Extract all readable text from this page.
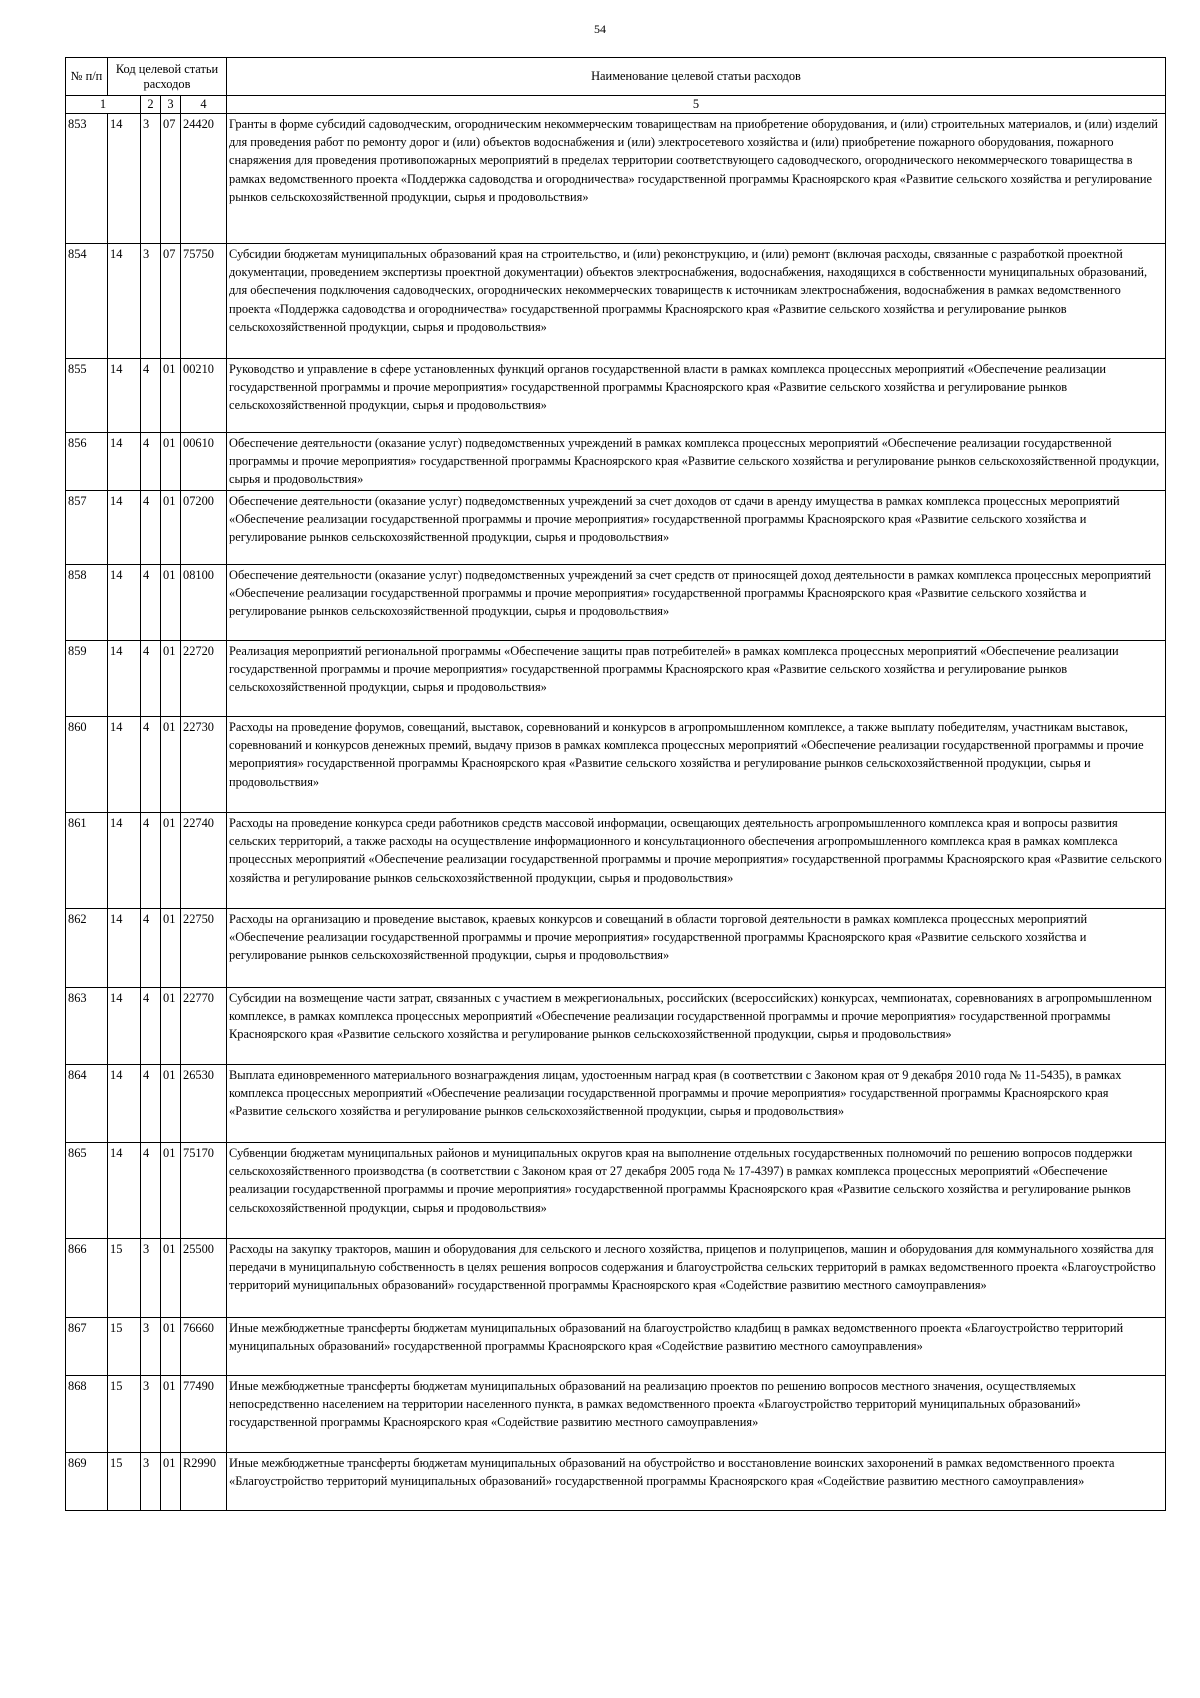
54
№ п/п	Код целевой статьи расходов				Наименование целевой статьи расходов

1		2	3	4	5
853	14	3	07	24420	Гранты в форме субсидий садоводческим, огородническим некоммерческим товариществам на приобретение оборудования, и (или) строительных материалов, и (или) изделий для проведения работ по ремонту дорог и (или) объектов водоснабжения и (или) электросетевого хозяйства и (или) приобретение пожарного оборудования, пожарного снаряжения для проведения противопожарных мероприятий в пределах территории соответствующего садоводческого, огороднического некоммерческого товарищества в рамках ведомственного проекта «Поддержка садоводства и огородничества» государственной программы Красноярского края «Развитие сельского хозяйства и регулирование рынков сельскохозяйственной продукции, сырья и продовольствия»
854	14	3	07	75750	Субсидии бюджетам муниципальных образований края на строительство, и (или) реконструкцию, и (или) ремонт (включая расходы, связанные с разработкой проектной документации, проведением экспертизы проектной документации) объектов электроснабжения, водоснабжения, находящихся в собственности муниципальных образований, для обеспечения подключения садоводческих, огороднических некоммерческих товариществ к источникам электроснабжения, водоснабжения в рамках ведомственного проекта «Поддержка садоводства и огородничества» государственной программы Красноярского края «Развитие сельского хозяйства и регулирование рынков сельскохозяйственной продукции, сырья и продовольствия»
855	14	4	01	00210	Руководство и управление в сфере установленных функций органов государственной власти в рамках комплекса процессных мероприятий «Обеспечение реализации государственной программы и прочие мероприятия» государственной программы Красноярского края «Развитие сельского хозяйства и регулирование рынков сельскохозяйственной продукции, сырья и продовольствия»
856	14	4	01	00610	Обеспечение деятельности (оказание услуг) подведомственных учреждений в рамках комплекса процессных мероприятий «Обеспечение реализации государственной программы и прочие мероприятия» государственной программы Красноярского края «Развитие сельского хозяйства и регулирование рынков сельскохозяйственной продукции, сырья и продовольствия»
857	14	4	01	07200	Обеспечение деятельности (оказание услуг) подведомственных учреждений за счет доходов от сдачи в аренду имущества в рамках комплекса процессных мероприятий «Обеспечение реализации государственной программы и прочие мероприятия» государственной программы Красноярского края «Развитие сельского хозяйства и регулирование рынков сельскохозяйственной продукции, сырья и продовольствия»
858	14	4	01	08100	Обеспечение деятельности (оказание услуг) подведомственных учреждений за счет средств от приносящей доход деятельности в рамках комплекса процессных мероприятий «Обеспечение реализации государственной программы и прочие мероприятия» государственной программы Красноярского края «Развитие сельского хозяйства и регулирование рынков сельскохозяйственной продукции, сырья и продовольствия»
859	14	4	01	22720	Реализация мероприятий региональной программы «Обеспечение защиты прав потребителей» в рамках комплекса процессных мероприятий «Обеспечение реализации государственной программы и прочие мероприятия» государственной программы Красноярского края «Развитие сельского хозяйства и регулирование рынков сельскохозяйственной продукции, сырья и продовольствия»
860	14	4	01	22730	Расходы на проведение форумов, совещаний, выставок, соревнований и конкурсов в агропромышленном комплексе, а также выплату победителям, участникам выставок, соревнований и конкурсов денежных премий, выдачу призов в рамках комплекса процессных мероприятий «Обеспечение реализации государственной программы и прочие мероприятия» государственной программы Красноярского края «Развитие сельского хозяйства и регулирование рынков сельскохозяйственной продукции, сырья и продовольствия»
861	14	4	01	22740	Расходы на проведение конкурса среди работников средств массовой информации, освещающих деятельность агропромышленного комплекса края и вопросы развития сельских территорий, а также расходы на осуществление информационного и консультационного обеспечения агропромышленного комплекса края в рамках комплекса процессных мероприятий «Обеспечение реализации государственной программы и прочие мероприятия» государственной программы Красноярского края «Развитие сельского хозяйства и регулирование рынков сельскохозяйственной продукции, сырья и продовольствия»
862	14	4	01	22750	Расходы на организацию и проведение выставок, краевых конкурсов и совещаний в области торговой деятельности в рамках комплекса процессных мероприятий «Обеспечение реализации государственной программы и прочие мероприятия» государственной программы Красноярского края «Развитие сельского хозяйства и регулирование рынков сельскохозяйственной продукции, сырья и продовольствия»
863	14	4	01	22770	Субсидии на возмещение части затрат, связанных с участием в межрегиональных, российских (всероссийских) конкурсах, чемпионатах, соревнованиях в агропромышленном комплексе, в рамках комплекса процессных мероприятий «Обеспечение реализации государственной программы и прочие мероприятия» государственной программы Красноярского края «Развитие сельского хозяйства и регулирование рынков сельскохозяйственной продукции, сырья и продовольствия»
864	14	4	01	26530	Выплата единовременного материального вознаграждения лицам, удостоенным наград края (в соответствии с Законом края от 9 декабря 2010 года № 11-5435), в рамках комплекса процессных мероприятий «Обеспечение реализации государственной программы и прочие мероприятия» государственной программы Красноярского края «Развитие сельского хозяйства и регулирование рынков сельскохозяйственной продукции, сырья и продовольствия»
865	14	4	01	75170	Субвенции бюджетам муниципальных районов и муниципальных округов края на выполнение отдельных государственных полномочий по решению вопросов поддержки сельскохозяйственного производства (в соответствии с Законом края от 27 декабря 2005 года № 17-4397) в рамках комплекса процессных мероприятий «Обеспечение реализации государственной программы и прочие мероприятия» государственной программы Красноярского края «Развитие сельского хозяйства и регулирование рынков сельскохозяйственной продукции, сырья и продовольствия»
866	15	3	01	25500	Расходы на закупку тракторов, машин и оборудования для сельского и лесного хозяйства, прицепов и полуприцепов, машин и оборудования для коммунального хозяйства для передачи в муниципальную собственность в целях решения вопросов содержания и благоустройства сельских территорий в рамках ведомственного проекта «Благоустройство территорий муниципальных образований» государственной программы Красноярского края «Содействие развитию местного самоуправления»
867	15	3	01	76660	Иные межбюджетные трансферты бюджетам муниципальных образований на благоустройство кладбищ в рамках ведомственного проекта «Благоустройство территорий муниципальных образований» государственной программы Красноярского края «Содействие развитию местного самоуправления»
868	15	3	01	77490	Иные межбюджетные трансферты бюджетам муниципальных образований на реализацию проектов по решению вопросов местного значения, осуществляемых непосредственно населением на территории населенного пункта, в рамках ведомственного проекта «Благоустройство территорий муниципальных образований» государственной программы Красноярского края «Содействие развитию местного самоуправления»
869	15	3	01	R2990	Иные межбюджетные трансферты бюджетам муниципальных образований на обустройство и восстановление воинских захоронений в рамках ведомственного проекта «Благоустройство территорий муниципальных образований» государственной программы Красноярского края «Содействие развитию местного самоуправления»
